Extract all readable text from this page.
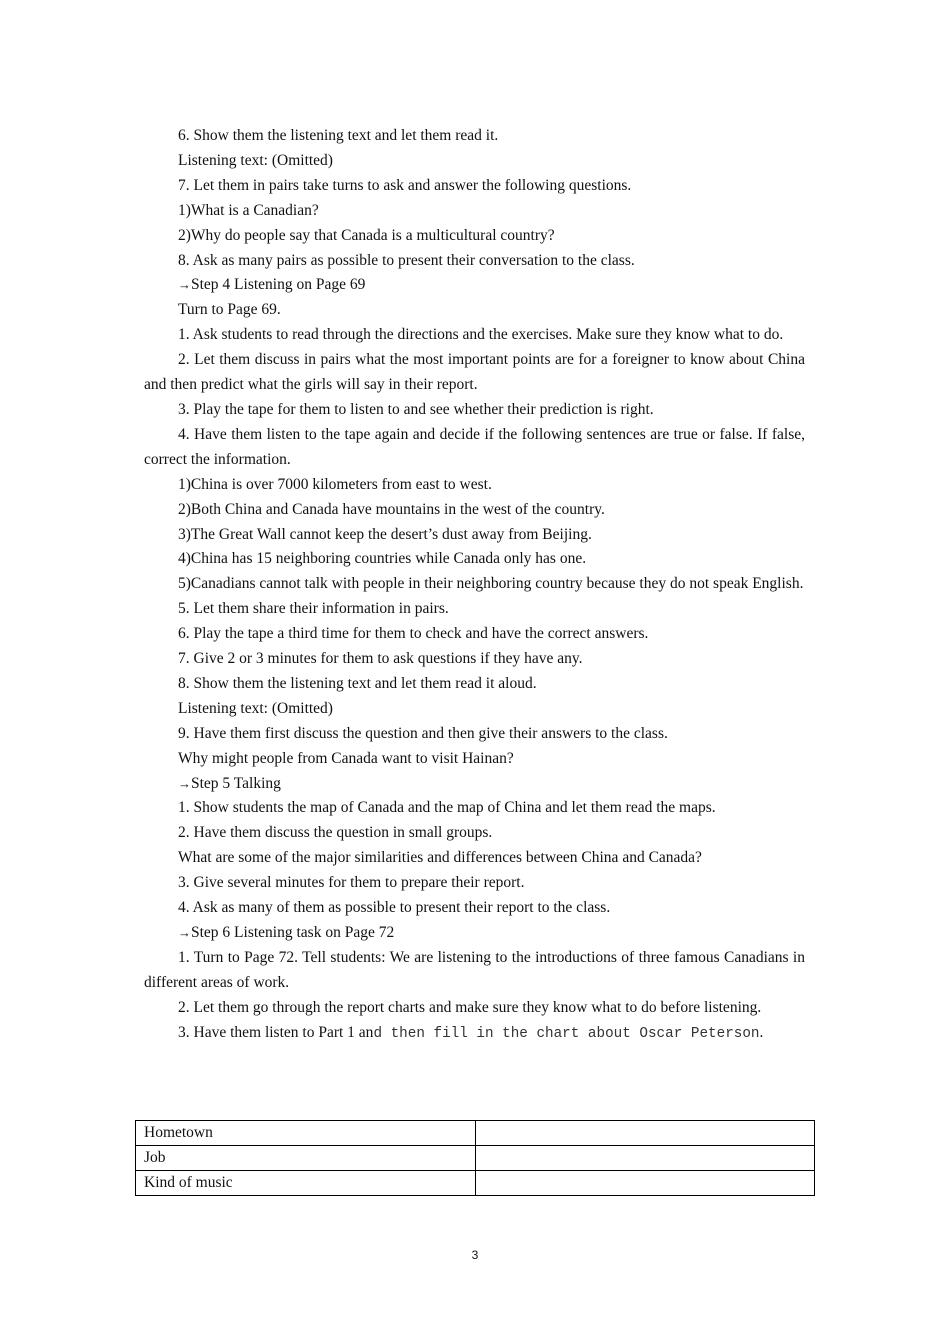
6. Show them the listening text and let them read it.

Listening text: (Omitted)

7. Let them in pairs take turns to ask and answer the following questions.

1)What is a Canadian?

2)Why do people say that Canada is a multicultural country?

8. Ask as many pairs as possible to present their conversation to the class.

→Step 4 Listening on Page 69

Turn to Page 69.

1. Ask students to read through the directions and the exercises. Make sure they know what to do.

2. Let them discuss in pairs what the most important points are for a foreigner to know about China and then predict what the girls will say in their report.

3. Play the tape for them to listen to and see whether their prediction is right.

4. Have them listen to the tape again and decide if the following sentences are true or false. If false, correct the information.

1)China is over 7000 kilometers from east to west.

2)Both China and Canada have mountains in the west of the country.

3)The Great Wall cannot keep the desert’s dust away from Beijing.

4)China has 15 neighboring countries while Canada only has one.

5)Canadians cannot talk with people in their neighboring country because they do not speak English.

5. Let them share their information in pairs.

6. Play the tape a third time for them to check and have the correct answers.

7. Give 2 or 3 minutes for them to ask questions if they have any.

8. Show them the listening text and let them read it aloud.

Listening text: (Omitted)

9. Have them first discuss the question and then give their answers to the class.

Why might people from Canada want to visit Hainan?

→Step 5 Talking

1. Show students the map of Canada and the map of China and let them read the maps.

2. Have them discuss the question in small groups.

What are some of the major similarities and differences between China and Canada?

3. Give several minutes for them to prepare their report.

4. Ask as many of them as possible to present their report to the class.

→Step 6 Listening task on Page 72

1. Turn to Page 72. Tell students: We are listening to the introductions of three famous Canadians in different areas of work.

2. Let them go through the report charts and make sure they know what to do before listening.

3. Have them listen to Part 1 and then fill in the chart about Oscar Peterson.

Hometown	
Job	
Kind of music	
3
